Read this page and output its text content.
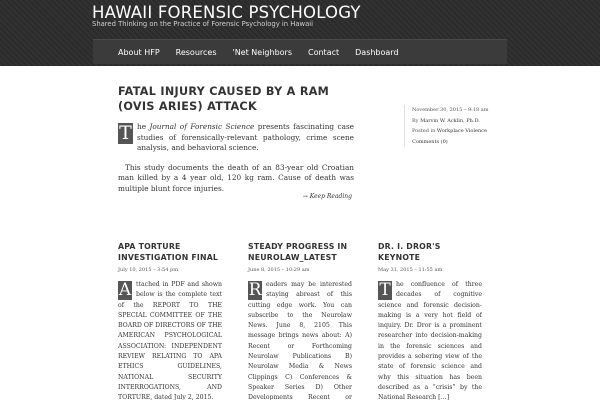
HAWAII FORENSIC PSYCHOLOGY
Shared Thinking on the Practice of Forensic Psychology in Hawaii
About HFP	Resources	'Net Neighbors	Contact	Dashboard
FATAL INJURY CAUSED BY A RAM (OVIS ARIES) ATTACK

T he Journal of Forensic Science presents fascinating case studies of forensically-relevant pathology, crime scene analysis, and behavioral science.

This study documents the death of an 83-year old Croatian man killed by a 4 year old, 120 kg ram. Cause of death was multiple blunt force injuries.

→ Keep Reading
November 30, 2015 – 9:18 am
By Marvin W. Acklin, Ph.D.
Posted in Workplace Violence
Comments (0)
APA TORTURE INVESTIGATION FINAL
July 10, 2015 – 3:54 pm

A ttached in PDF and shown below is the complete text of the REPORT TO THE SPECIAL COMMITTEE OF THE BOARD OF DIRECTORS OF THE AMERICAN PSYCHOLOGICAL ASSOCIATION: INDEPENDENT REVIEW RELATING TO APA ETHICS GUIDELINES, NATIONAL SECURITY INTERROGATIONS, AND TORTURE, dated July 2, 2015.

STEADY PROGRESS IN NEUROLAW_LATEST
June 8, 2015 – 10:29 am

R eaders may be interested staying abreast of this cutting edge work. You can subscribe to the Neurolaw News. June 8, 2105 This message brings news about: A) Recent or Forthcoming Neurolaw Publications B) Neurolaw Media & News Clippings C) Conferences & Speaker Series D) Other Developments Recent or

DR. I. DROR'S KEYNOTE
May 31, 2015 – 11:55 am

T he confluence of three decades of cognitive science and forensic decision-making is a very hot field of inquiry. Dr. Dror is a prominent researcher into decision-making in the forensic sciences and provides a sobering view of the state of forensic science and why this situation has been described as a “crisis” by the National Research […]
